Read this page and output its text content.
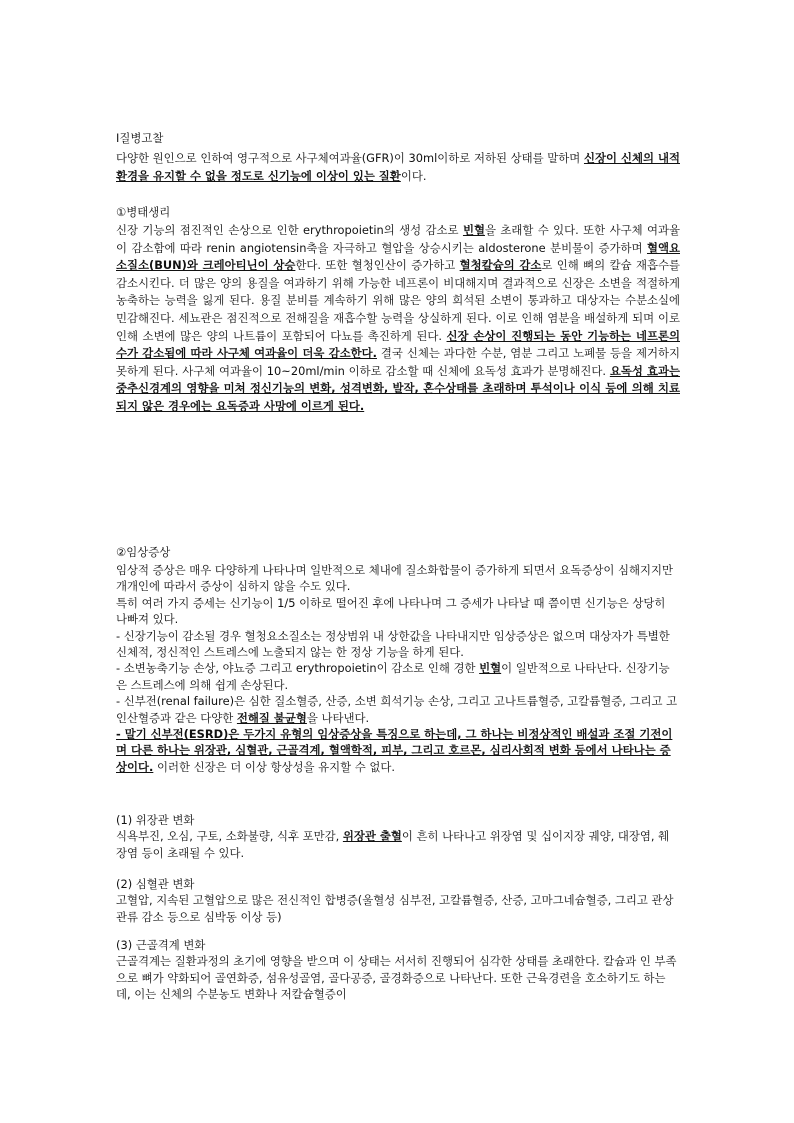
Ⅰ질병고찰

다양한 원인으로 인하여 영구적으로 사구체여과율(GFR)이 30ml이하로 저하된 상태를 말하며 신장이 신체의 내적 환경을 유지할 수 없을 정도로 신기능에 이상이 있는 질환이다.

①병태생리

신장 기능의 점진적인 손상으로 인한 erythropoietin의 생성 감소로 빈혈을 초래할 수 있다. 또한 사구체 여과율이 감소함에 따라 renin angiotensin축을 자극하고 혈압을 상승시키는 aldosterone 분비물이 증가하며 혈액요소질소(BUN)와 크레아티닌이 상승한다. 또한 혈청인산이 증가하고 혈청칼슘의 감소로 인해 뼈의 칼슘 재흡수를 감소시킨다. 더 많은 양의 용질을 여과하기 위해 가능한 네프론이 비대해지며 결과적으로 신장은 소변을 적절하게 농축하는 능력을 잃게 된다. 용질 분비를 계속하기 위해 많은 양의 희석된 소변이 통과하고 대상자는 수분소실에 민감해진다. 세뇨관은 점진적으로 전해질을 재흡수할 능력을 상실하게 된다. 이로 인해 염분을 배설하게 되며 이로 인해 소변에 많은 양의 나트륨이 포함되어 다뇨를 촉진하게 된다. 신장 손상이 진행되는 동안 기능하는 네프론의 수가 감소됨에 따라 사구체 여과율이 더욱 감소한다. 결국 신체는 과다한 수분, 염분 그리고 노폐물 등을 제거하지 못하게 된다. 사구체 여과율이 10~20ml/min 이하로 감소할 때 신체에 요독성 효과가 분명해진다. 요독성 효과는 중추신경계의 영향을 미쳐 정신기능의 변화, 성격변화, 발작, 혼수상태를 초래하며 투석이나 이식 등에 의해 치료되지 않은 경우에는 요독증과 사망에 이르게 된다.

②임상증상

임상적 증상은 매우 다양하게 나타나며 일반적으로 체내에 질소화합물이 증가하게 되면서 요독증상이 심해지지만 개개인에 따라서 증상이 심하지 않을 수도 있다.

특히 여러 가지 증세는 신기능이 1/5 이하로 떨어진 후에 나타나며 그 증세가 나타날 때 쯤이면 신기능은 상당히 나빠져 있다.

- 신장기능이 감소될 경우 혈청요소질소는 정상범위 내 상한값을 나타내지만 임상증상은 없으며 대상자가 특별한 신체적, 정신적인 스트레스에 노출되지 않는 한 정상 기능을 하게 된다.

- 소변농축기능 손상, 야뇨증 그리고 erythropoietin이 감소로 인해 경한 빈혈이 일반적으로 나타난다. 신장기능은 스트레스에 의해 쉽게 손상된다.

- 신부전(renal failure)은 심한 질소혈증, 산증, 소변 희석기능 손상, 그리고 고나트륨혈증, 고칼륨혈증, 그리고 고인산혈증과 같은 다양한 전해질 불균형을 나타낸다.

- 말기 신부전(ESRD)은 두가지 유형의 임상증상을 특징으로 하는데, 그 하나는 비정상적인 배설과 조절 기전이며 다른 하나는 위장관, 심혈관, 근골격계, 혈액학적, 피부, 그리고 호르몬, 심리사회적 변화 등에서 나타나는 증상이다. 이러한 신장은 더 이상 항상성을 유지할 수 없다.

(1) 위장관 변화

식욕부진, 오심, 구토, 소화불량, 식후 포만감, 위장관 출혈이 흔히 나타나고 위장염 및 십이지장 궤양, 대장염, 췌장염 등이 초래될 수 있다.

(2) 심혈관 변화

고혈압, 지속된 고혈압으로 많은 전신적인 합병증(울혈성 심부전, 고칼륨혈증, 산증, 고마그네슘혈증, 그리고 관상 관류 감소 등으로 심박동 이상 등)

(3) 근골격계 변화

근골격계는 질환과정의 초기에 영향을 받으며 이 상태는 서서히 진행되어 심각한 상태를 초래한다. 칼슘과 인 부족으로 뼈가 약화되어 골연화증, 섬유성골염, 골다공증, 골경화증으로 나타난다. 또한 근육경련을 호소하기도 하는데, 이는 신체의 수분농도 변화나 저칼슘혈증이
